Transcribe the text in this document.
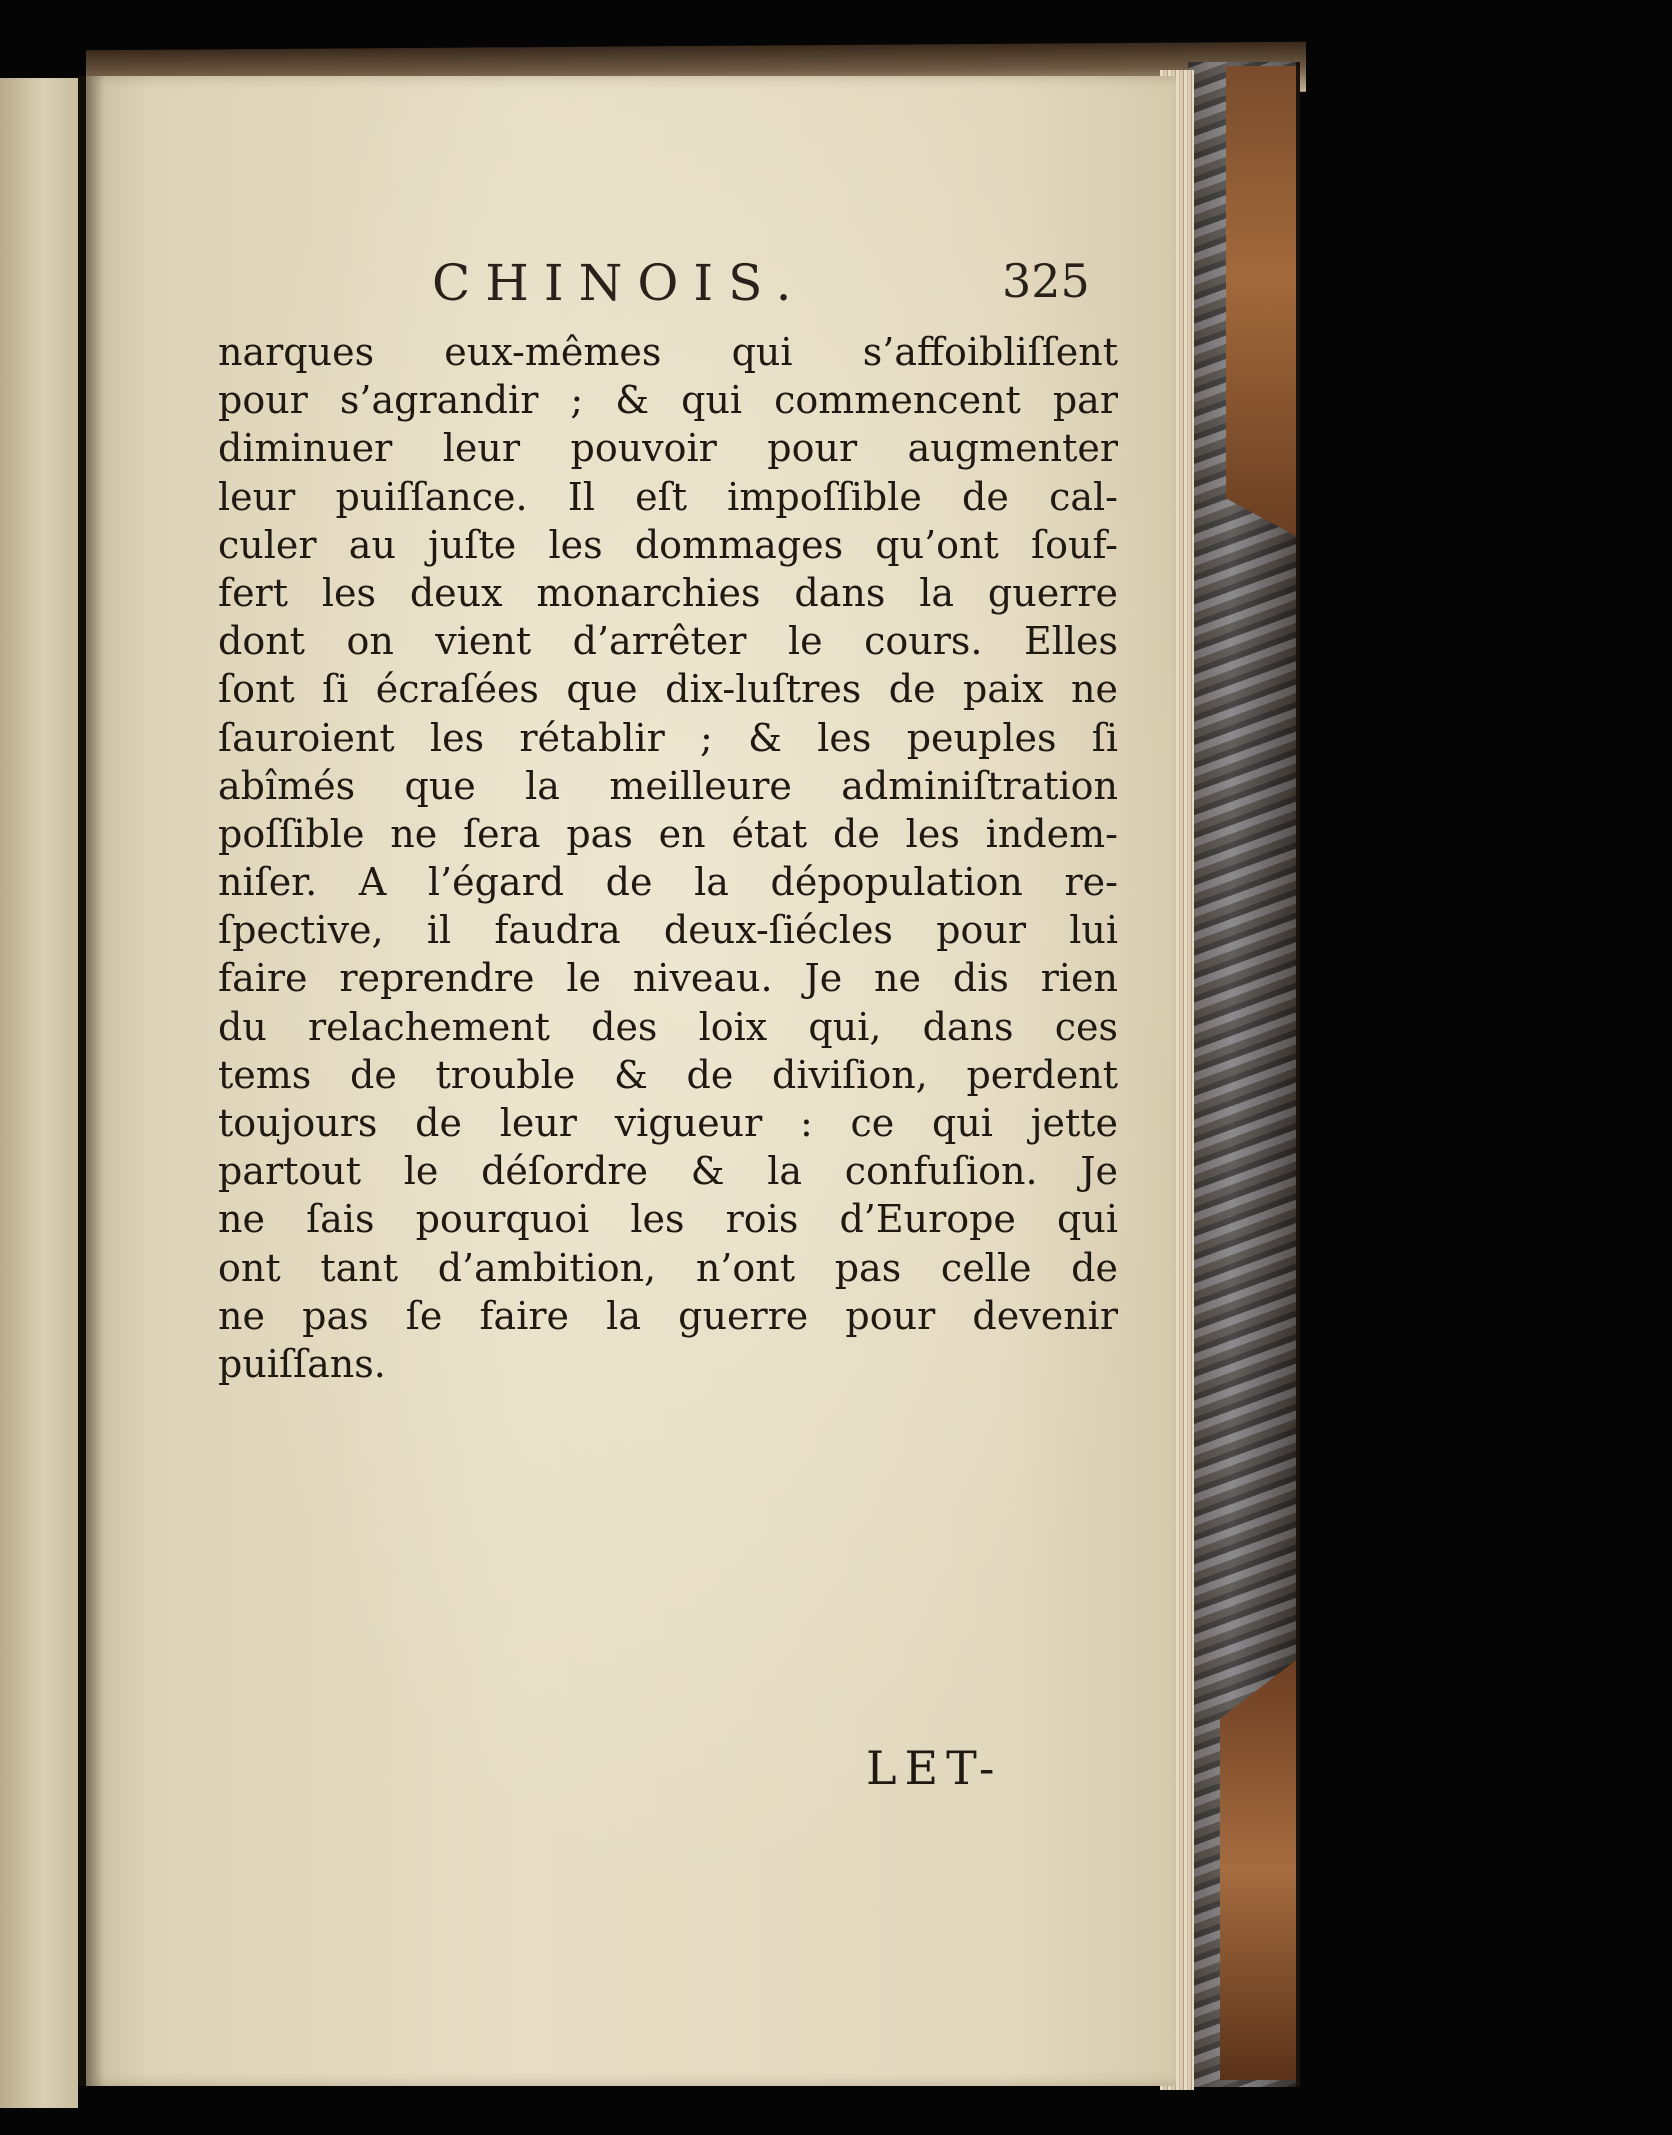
CHINOIS.	325
narques eux-mêmes qui s’affoibliſſent
pour s’agrandir ; & qui commencent par
diminuer leur pouvoir pour augmenter
leur puiſſance. Il eſt impoſſible de cal-
culer au juſte les dommages qu’ont ſouf-
fert les deux monarchies dans la guerre
dont on vient d’arrêter le cours. Elles
ſont ſi écraſées que dix-luſtres de paix ne
ſauroient les rétablir ; & les peuples ſi
abîmés que la meilleure adminiſtration
poſſible ne ſera pas en état de les indem-
niſer. A l’égard de la dépopulation re-
ſpective, il faudra deux-ſiécles pour lui
faire reprendre le niveau. Je ne dis rien
du relachement des loix qui, dans ces
tems de trouble & de diviſion, perdent
toujours de leur vigueur : ce qui jette
partout le déſordre & la confuſion. Je
ne ſais pourquoi les rois d’Europe qui
ont tant d’ambition, n’ont pas celle de
ne pas ſe faire la guerre pour devenir
puiſſans.
LET-
